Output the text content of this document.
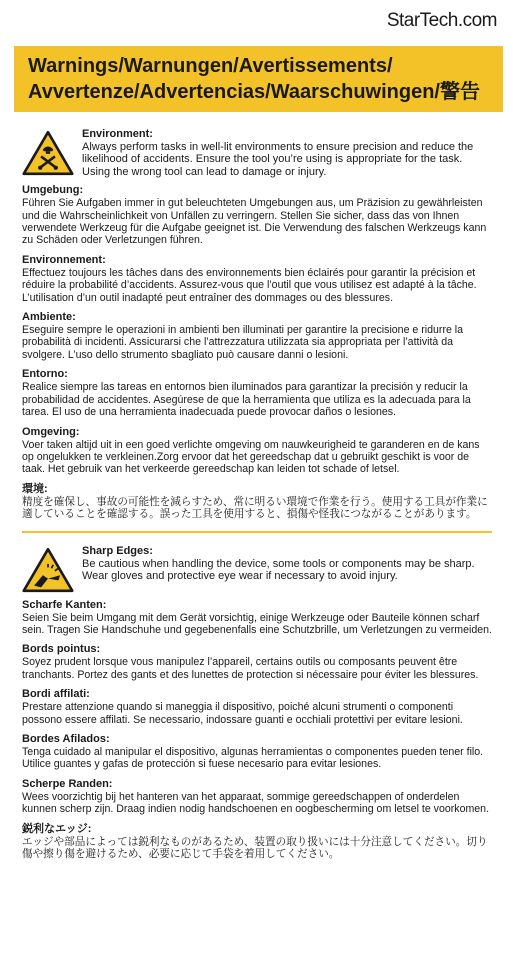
StarTech.com
Warnings/Warnungen/Avertissements/
Avvertenze/Advertencias/Waarschuwingen/警告
Environment:
Always perform tasks in well-lit environments to ensure precision and reduce the likelihood of accidents. Ensure the tool you’re using is appropriate for the task. Using the wrong tool can lead to damage or injury.
Umgebung:
Führen Sie Aufgaben immer in gut beleuchteten Umgebungen aus, um Präzision zu gewährleisten und die Wahrscheinlichkeit von Unfällen zu verringern. Stellen Sie sicher, dass das von Ihnen verwendete Werkzeug für die Aufgabe geeignet ist. Die Verwendung des falschen Werkzeugs kann zu Schäden oder Verletzungen führen.
Environnement:
Effectuez toujours les tâches dans des environnements bien éclairés pour garantir la précision et réduire la probabilité d’accidents. Assurez-vous que l’outil que vous utilisez est adapté à la tâche. L’utilisation d’un outil inadapté peut entraîner des dommages ou des blessures.
Ambiente:
Eseguire sempre le operazioni in ambienti ben illuminati per garantire la precisione e ridurre la probabilità di incidenti. Assicurarsi che l’attrezzatura utilizzata sia appropriata per l’attività da svolgere. L’uso dello strumento sbagliato può causare danni o lesioni.
Entorno:
Realice siempre las tareas en entornos bien iluminados para garantizar la precisión y reducir la probabilidad de accidentes. Asegúrese de que la herramienta que utiliza es la adecuada para la tarea. El uso de una herramienta inadecuada puede provocar daños o lesiones.
Omgeving:
Voer taken altijd uit in een goed verlichte omgeving om nauwkeurigheid te garanderen en de kans op ongelukken te verkleinen.Zorg ervoor dat het gereedschap dat u gebruikt geschikt is voor de taak. Het gebruik van het verkeerde gereedschap kan leiden tot schade of letsel.
環境:
精度を確保し、事故の可能性を減らすため、常に明るい環境で作業を行う。使用する工具が作業に適していることを確認する。誤った工具を使用すると、損傷や怪我につながることがあります。
Sharp Edges:
Be cautious when handling the device, some tools or components may be sharp. Wear gloves and protective eye wear if necessary to avoid injury.
Scharfe Kanten:
Seien Sie beim Umgang mit dem Gerät vorsichtig, einige Werkzeuge oder Bauteile können scharf sein. Tragen Sie Handschuhe und gegebenenfalls eine Schutzbrille, um Verletzungen zu vermeiden.
Bords pointus:
Soyez prudent lorsque vous manipulez l’appareil, certains outils ou composants peuvent être tranchants. Portez des gants et des lunettes de protection si nécessaire pour éviter les blessures.
Bordi affilati:
Prestare attenzione quando si maneggia il dispositivo, poiché alcuni strumenti o componenti possono essere affilati. Se necessario, indossare guanti e occhiali protettivi per evitare lesioni.
Bordes Afilados:
Tenga cuidado al manipular el dispositivo, algunas herramientas o componentes pueden tener filo. Utilice guantes y gafas de protección si fuese necesario para evitar lesiones.
Scherpe Randen:
Wees voorzichtig bij het hanteren van het apparaat, sommige gereedschappen of onderdelen kunnen scherp zijn. Draag indien nodig handschoenen en oogbescherming om letsel te voorkomen.
鋭利なエッジ:
エッジや部品によっては鋭利なものがあるため、装置の取り扱いには十分注意してください。切り傷や擦り傷を避けるため、必要に応じて手袋を着用してください。
